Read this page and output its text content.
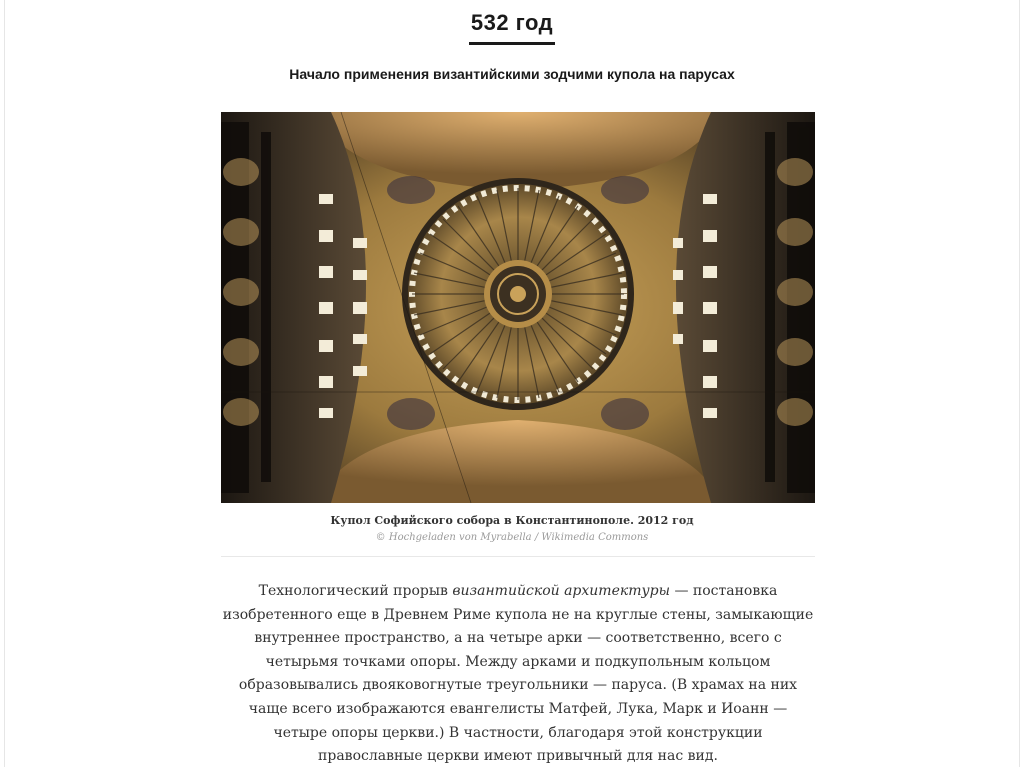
532 год
Начало применения византийскими зодчими купола на парусах
Купол Софийского собора в Константинополе. 2012 год
© Hochgeladen von Myrabella / Wikimedia Commons
Технологический прорыв византийской архитектуры — постановка изобретенного еще в Древнем Риме купола не на круглые стены, замыкающие внутреннее пространство, а на четыре арки — соответственно, всего с четырьмя точками опоры. Между арками и подкупольным кольцом образовывались двояковогнутые треугольники — паруса. (В храмах на них чаще всего изображаются евангелисты Матфей, Лука, Марк и Иоанн — четыре опоры церкви.) В частности, благодаря этой конструкции православные церкви имеют привычный для нас вид.
